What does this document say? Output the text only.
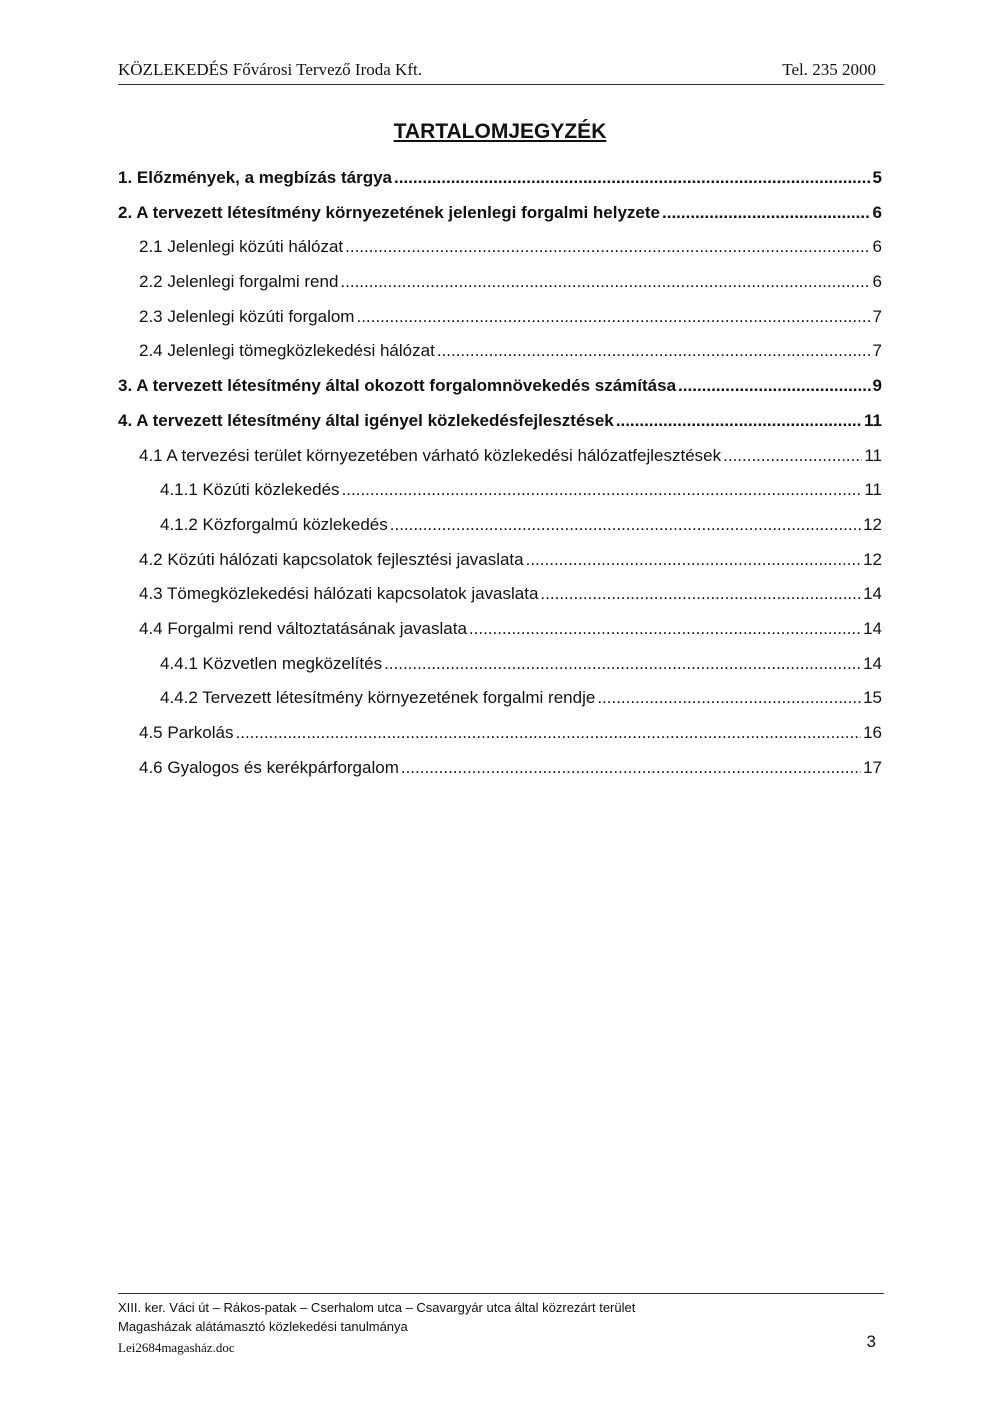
KÖZLEKEDÉS Fővárosi Tervező Iroda Kft.	Tel. 235 2000
TARTALOMJEGYZÉK
1. Előzmények, a megbízás tárgya .....	5
2. A tervezett létesítmény környezetének jelenlegi forgalmi helyzete .....	6
2.1 Jelenlegi közúti hálózat .....	6
2.2 Jelenlegi forgalmi rend .....	6
2.3 Jelenlegi közúti forgalom .....	7
2.4 Jelenlegi tömegközlekedési hálózat .....	7
3. A tervezett létesítmény által okozott forgalomnövekedés számítása .....	9
4. A tervezett létesítmény által igényel közlekedésfejlesztések .....	11
4.1 A tervezési terület környezetében várható közlekedési hálózatfejlesztések .....	11
4.1.1 Közúti közlekedés .....	11
4.1.2 Közforgalmú közlekedés .....	12
4.2 Közúti hálózati kapcsolatok fejlesztési javaslata .....	12
4.3 Tömegközlekedési hálózati kapcsolatok javaslata .....	14
4.4 Forgalmi rend változtatásának javaslata .....	14
4.4.1 Közvetlen megközelítés .....	14
4.4.2 Tervezett létesítmény környezetének forgalmi rendje .....	15
4.5 Parkolás .....	16
4.6 Gyalogos és kerékpárforgalom .....	17
XIII. ker. Váci út – Rákos-patak – Cserhalom utca – Csavargyár utca által közrezárt terület
Magasházak alátámasztó közlekedési tanulmánya
Lei2684magasház.doc	3
